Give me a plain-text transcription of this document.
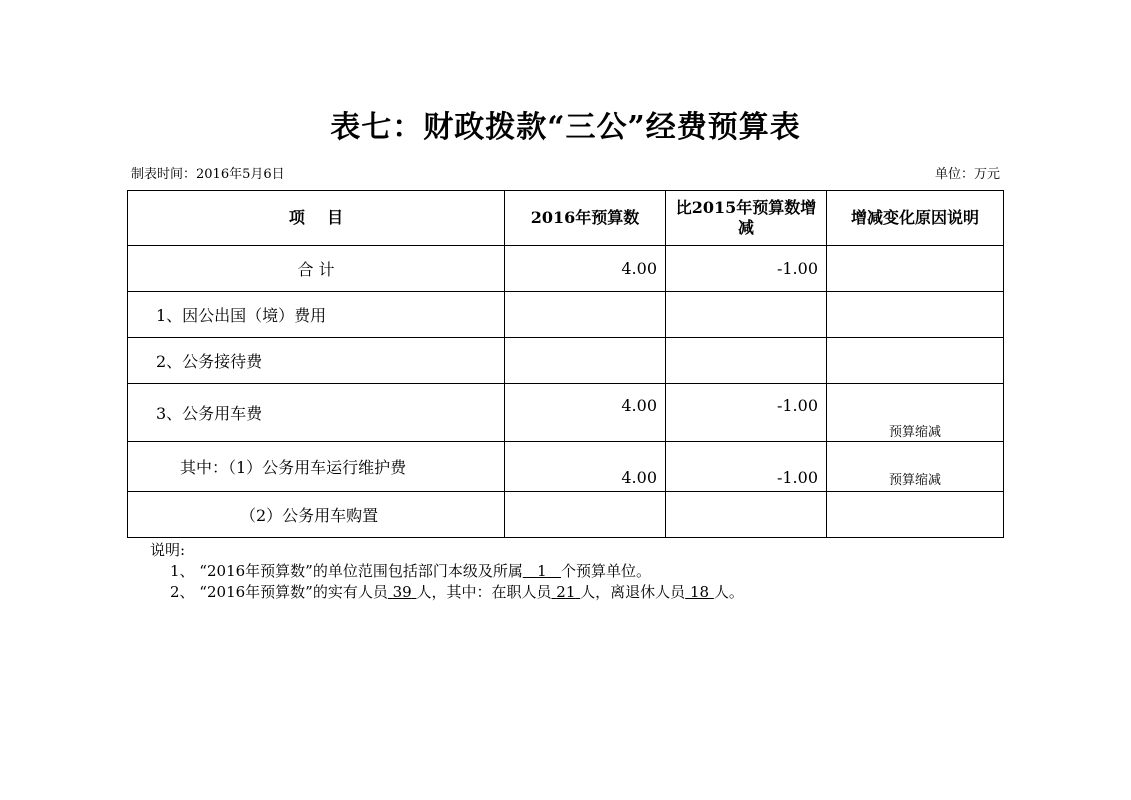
表七：财政拨款“三公”经费预算表
制表时间：2016年5月6日	单位：万元
项    目	2016年预算数	比2015年预算数增减	增减变化原因说明
合 计	4.00	-1.00	
1、因公出国（境）费用			
2、公务接待费			
3、公务用车费	4.00	-1.00	预算缩减
其中：（1）公务用车运行维护费	4.00	-1.00	预算缩减
（2）公务用车购置			
说明:
1、 “2016年预算数”的单位范围包括部门本级及所属 1 个预算单位。
2、 “2016年预算数”的实有人员 39 人，其中：在职人员 21 人，离退休人员 18 人。
